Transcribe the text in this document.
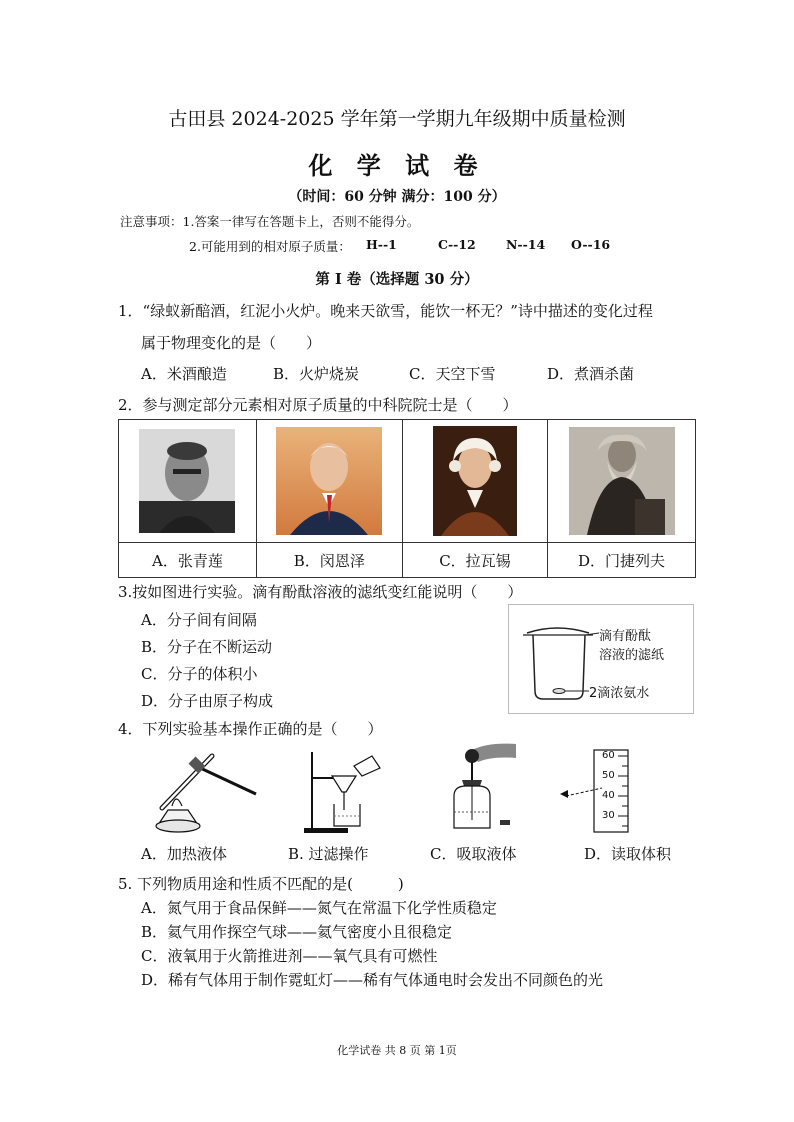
古田县 2024-2025 学年第一学期九年级期中质量检测
化 学 试 卷
（时间：60 分钟 满分：100 分）
注意事项：1.答案一律写在答题卡上，否则不能得分。
2.可能用到的相对原子质量： H--1	C--12 N--14 O--16
第 I 卷（选择题 30 分）
1．“绿蚁新醅酒，红泥小火炉。晚来天欲雪，能饮一杯无？”诗中描述的变化过程
属于物理变化的是（　　）
A．米酒酿造	B．火炉烧炭	C．天空下雪	D．煮酒杀菌
2．参与测定部分元素相对原子质量的中科院院士是（　　）

A．张青莲	B．闵恩泽	C．拉瓦锡	D．门捷列夫
3.按如图进行实验。滴有酚酞溶液的滤纸变红能说明（　　）
A．分子间有间隔
B．分子在不断运动
C．分子的体积小
D．分子由原子构成
滴有酚酞
溶液的滤纸
2滴浓氨水
4．下列实验基本操作正确的是（　　）
60
50
40
30
A．加热液体	B. 过滤操作	C．吸取液体	D．读取体积
5. 下列物质用途和性质不匹配的是(　　　)
A．氮气用于食品保鲜——氮气在常温下化学性质稳定
B．氦气用作探空气球——氦气密度小且很稳定
C．液氧用于火箭推进剂——氧气具有可燃性
D．稀有气体用于制作霓虹灯——稀有气体通电时会发出不同颜色的光
化学试卷 共 8 页 第 1页
